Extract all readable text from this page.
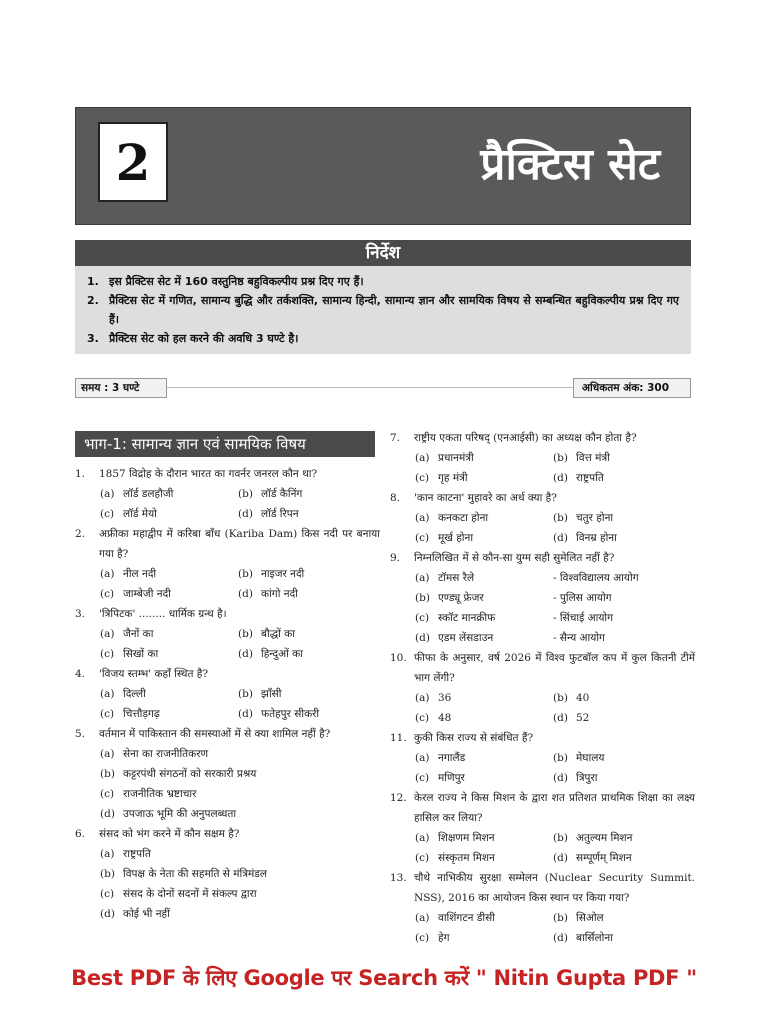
2	प्रैक्टिस सेट
निर्देश
1. इस प्रैक्टिस सेट में 160 वस्तुनिष्ठ बहुविकल्पीय प्रश्न दिए गए हैं।
2. प्रैक्टिस सेट में गणित, सामान्य बुद्धि और तर्कशक्ति, सामान्य हिन्दी, सामान्य ज्ञान और सामयिक विषय से सम्बन्धित बहुविकल्पीय प्रश्न दिए गए हैं।
3. प्रैक्टिस सेट को हल करने की अवधि 3 घण्टे है।
समय : 3 घण्टे	अधिकतम अंक: 300
भाग-1: सामान्य ज्ञान एवं सामयिक विषय
1.	1857 विद्रोह के दौरान भारत का गवर्नर जनरल कौन था?
(a) लॉर्ड डलहौजी	(b) लॉर्ड कैनिंग
(c) लॉर्ड मेयो	(d) लॉर्ड रिपन
2.	अफ्रीका महाद्वीप में करिबा बाँध (Kariba Dam) किस नदी पर बनाया गया है?
(a) नील नदी	(b) नाइजर नदी
(c) जाम्बेजी नदी	(d) कांगो नदी
3.	'त्रिपिटक' ........ धार्मिक ग्रन्थ है।
(a) जैनों का	(b) बौद्धों का
(c) सिखों का	(d) हिन्दुओं का
4.	'विजय स्तम्भ' कहाँ स्थित है?
(a) दिल्ली	(b) झाँसी
(c) चित्तौड़गढ़	(d) फतेहपुर सीकरी
5.	वर्तमान में पाकिस्तान की समस्याओं में से क्या शामिल नहीं है?
(a) सेना का राजनीतिकरण
(b) कट्टरपंथी संगठनों को सरकारी प्रश्रय
(c) राजनीतिक भ्रष्टाचार
(d) उपजाऊ भूमि की अनुपलब्धता
6.	संसद को भंग करने में कौन सक्षम है?
(a) राष्ट्रपति
(b) विपक्ष के नेता की सहमति से मंत्रिमंडल
(c) संसद के दोनों सदनों में संकल्प द्वारा
(d) कोई भी नहीं
7.	राष्ट्रीय एकता परिषद् (एनआईसी) का अध्यक्ष कौन होता है?
(a) प्रधानमंत्री	(b) वित्त मंत्री
(c) गृह मंत्री	(d) राष्ट्रपति
8.	'कान काटना' मुहावरे का अर्थ क्या है?
(a) कनकटा होना	(b) चतुर होना
(c) मूर्ख होना	(d) विनम्र होना
9.	निम्नलिखित में से कौन-सा युग्म सही सुमेलित नहीं है?
(a) टॉमस रैले	- विश्वविद्यालय आयोग
(b) एण्ड्यू फ्रेजर	- पुलिस आयोग
(c) स्कॉट मानक्रीफ	- सिंचाई आयोग
(d) एडम लेंसडाउन	- सैन्य आयोग
10. फीफा के अनुसार, वर्ष 2026 में विश्व फुटबॉल कप में कुल कितनी टीमें भाग लेंगी?
(a) 36	(b) 40
(c) 48	(d) 52
11. कुकी किस राज्य से संबंधित हैं?
(a) नगालैंड	(b) मेघालय
(c) मणिपुर	(d) त्रिपुरा
12. केरल राज्य ने किस मिशन के द्वारा शत प्रतिशत प्राथमिक शिक्षा का लक्ष्य हासिल कर लिया?
(a) शिक्षणम मिशन	(b) अतुल्यम मिशन
(c) संस्कृतम मिशन	(d) सम्पूर्णम् मिशन
13. चौथे नाभिकीय सुरक्षा सम्मेलन (Nuclear Security Summit. NSS), 2016 का आयोजन किस स्थान पर किया गया?
(a) वाशिंगटन डीसी	(b) सिओल
(c) हेग	(d) बार्सिलोना
Best PDF के लिए Google पर Search करें " Nitin Gupta PDF "
